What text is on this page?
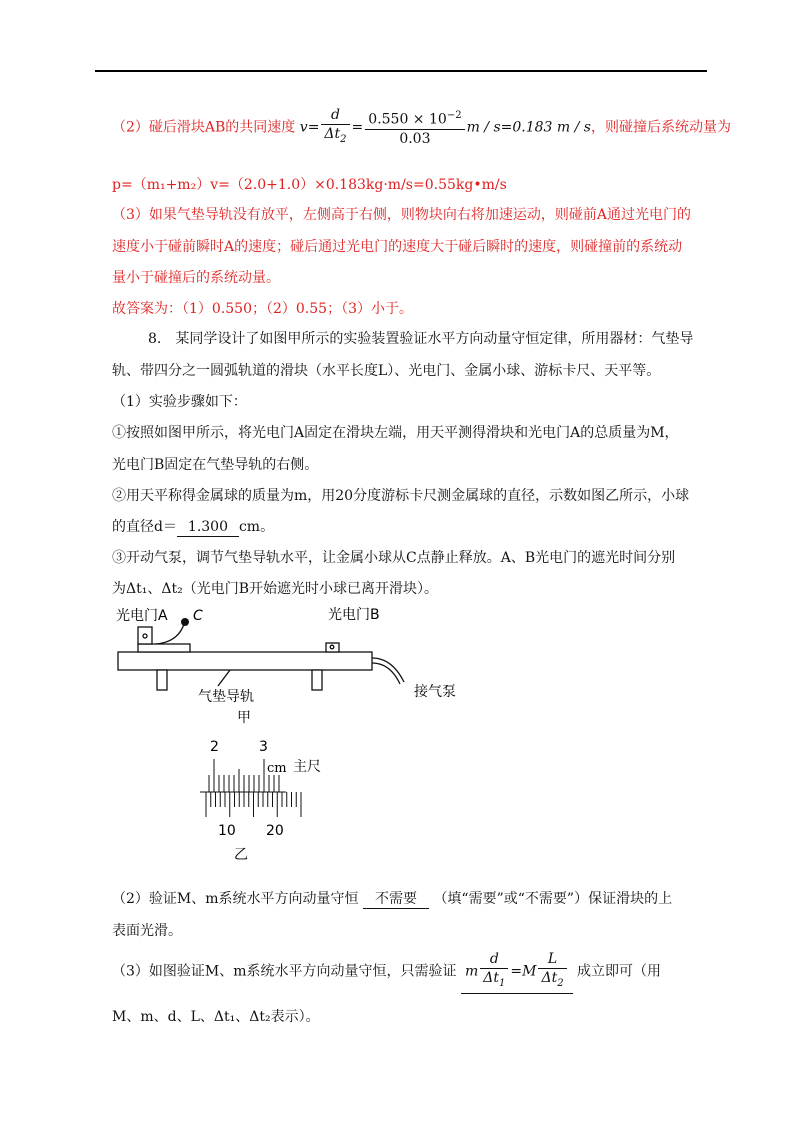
（2）碰后滑块AB的共同速度 $v= \frac{d}{\Delta t_2} = \frac{0.550 \times 10^{-2}}{0.03}$ m / s=0.183 m / s，则碰撞后系统动量为
p=（m₁+m₂）v=（2.0+1.0）×0.183kg·m/s=0.55kg•m/s
（3）如果气垫导轨没有放平，左侧高于右侧，则物块向右将加速运动，则碰前A通过光电门的
速度小于碰前瞬时A的速度；碰后通过光电门的速度大于碰后瞬时的速度，则碰撞前的系统动
量小于碰撞后的系统动量。
故答案为：（1）0.550；（2）0.55；（3）小于。
8.　某同学设计了如图甲所示的实验装置验证水平方向动量守恒定律，所用器材：气垫导
轨、带四分之一圆弧轨道的滑块（水平长度L）、光电门、金属小球、游标卡尺、天平等。
（1）实验步骤如下：
①按照如图甲所示，将光电门A固定在滑块左端，用天平测得滑块和光电门A的总质量为M，
光电门B固定在气垫导轨的右侧。
②用天平称得金属球的质量为m，用20分度游标卡尺测金属球的直径，示数如图乙所示，小球
的直径d＝ 1.300 cm。
③开动气泵，调节气垫导轨水平，让金属小球从C点静止释放。A、B光电门的遮光时间分别
为Δt₁、Δt₂（光电门B开始遮光时小球已离开滑块）。
光电门A C	光电门B
气垫导轨	接气泵
甲
2	3
cm 主尺
10 20
乙
（2）验证M、m系统水平方向动量守恒 不需要 （填“需要”或“不需要”）保证滑块的上
表面光滑。
（3）如图验证M、m系统水平方向动量守恒，只需验证 m $\frac{d}{\Delta t_1} =M \frac{L}{\Delta t_2}$ 成立即可（用
M、m、d、L、Δt₁、Δt₂表示）。
